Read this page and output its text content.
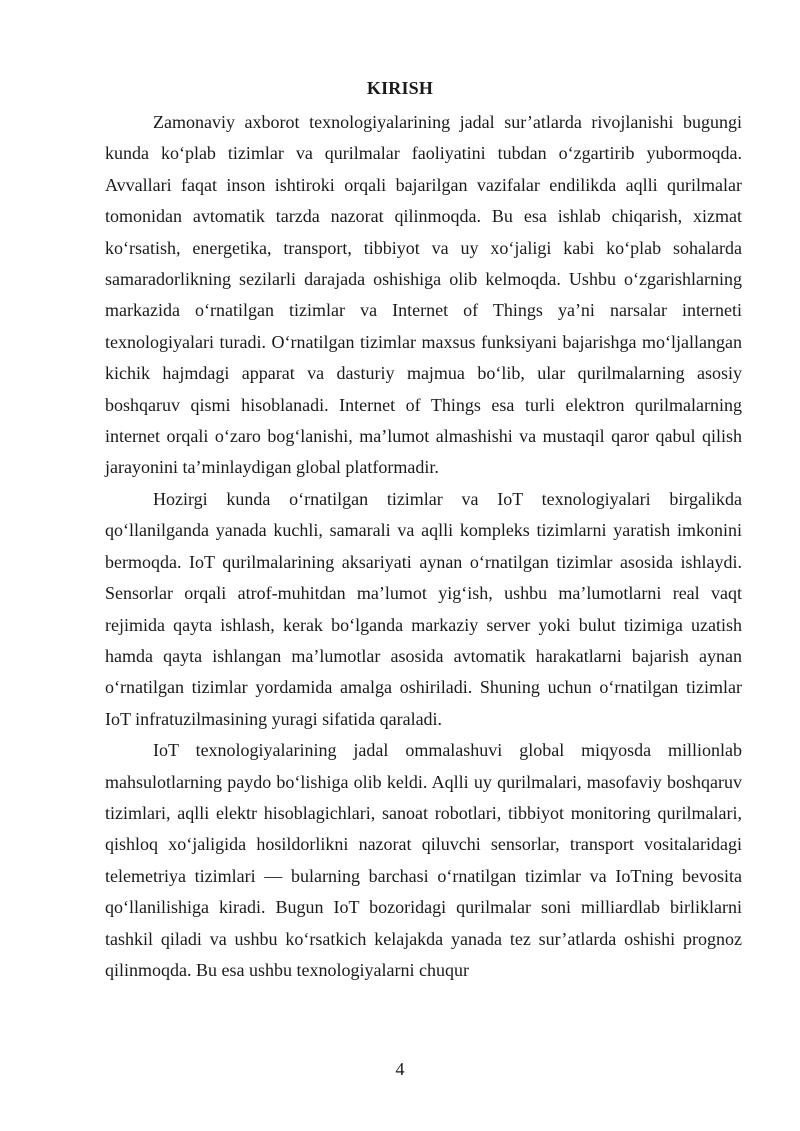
KIRISH

Zamonaviy axborot texnologiyalarining jadal sur’atlarda rivojlanishi bugungi kunda ko‘plab tizimlar va qurilmalar faoliyatini tubdan o‘zgartirib yubormoqda. Avvallari faqat inson ishtiroki orqali bajarilgan vazifalar endilikda aqlli qurilmalar tomonidan avtomatik tarzda nazorat qilinmoqda. Bu esa ishlab chiqarish, xizmat ko‘rsatish, energetika, transport, tibbiyot va uy xo‘jaligi kabi ko‘plab sohalarda samaradorlikning sezilarli darajada oshishiga olib kelmoqda. Ushbu o‘zgarishlarning markazida o‘rnatilgan tizimlar va Internet of Things ya’ni narsalar interneti texnologiyalari turadi. O‘rnatilgan tizimlar maxsus funksiyani bajarishga mo‘ljallangan kichik hajmdagi apparat va dasturiy majmua bo‘lib, ular qurilmalarning asosiy boshqaruv qismi hisoblanadi. Internet of Things esa turli elektron qurilmalarning internet orqali o‘zaro bog‘lanishi, ma’lumot almashishi va mustaqil qaror qabul qilish jarayonini ta’minlaydigan global platformadir.

Hozirgi kunda o‘rnatilgan tizimlar va IoT texnologiyalari birgalikda qo‘llanilganda yanada kuchli, samarali va aqlli kompleks tizimlarni yaratish imkonini bermoqda. IoT qurilmalarining aksariyati aynan o‘rnatilgan tizimlar asosida ishlaydi. Sensorlar orqali atrof-muhitdan ma’lumot yig‘ish, ushbu ma’lumotlarni real vaqt rejimida qayta ishlash, kerak bo‘lganda markaziy server yoki bulut tizimiga uzatish hamda qayta ishlangan ma’lumotlar asosida avtomatik harakatlarni bajarish aynan o‘rnatilgan tizimlar yordamida amalga oshiriladi. Shuning uchun o‘rnatilgan tizimlar IoT infratuzilmasining yuragi sifatida qaraladi.

IoT texnologiyalarining jadal ommalashuvi global miqyosda millionlab mahsulotlarning paydo bo‘lishiga olib keldi. Aqlli uy qurilmalari, masofaviy boshqaruv tizimlari, aqlli elektr hisoblagichlari, sanoat robotlari, tibbiyot monitoring qurilmalari, qishloq xo‘jaligida hosildorlikni nazorat qiluvchi sensorlar, transport vositalaridagi telemetriya tizimlari — bularning barchasi o‘rnatilgan tizimlar va IoTning bevosita qo‘llanilishiga kiradi. Bugun IoT bozoridagi qurilmalar soni milliardlab birliklarni tashkil qiladi va ushbu ko‘rsatkich kelajakda yanada tez sur’atlarda oshishi prognoz qilinmoqda. Bu esa ushbu texnologiyalarni chuqur

4
